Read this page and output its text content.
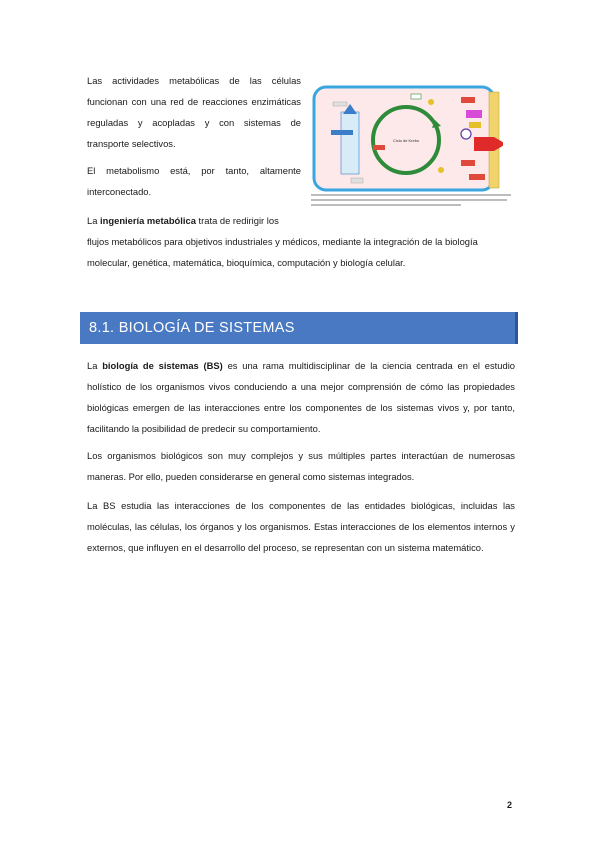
Las actividades metabólicas de las células funcionan con una red de reacciones enzimáticas reguladas y acopladas y con sistemas de transporte selectivos.

El metabolismo está, por tanto, altamente interconectado.

La ingeniería metabólica trata de redirigir los

flujos metabólicos para objetivos industriales y médicos, mediante la integración de la biología

molecular, genética, matemática, bioquímica, computación y biología celular.

Ciclo de Krebs
8.1. BIOLOGÍA DE SISTEMAS

La biología de sistemas (BS) es una rama multidisciplinar de la ciencia centrada en el estudio holístico de los organismos vivos conduciendo a una mejor comprensión de cómo las propiedades biológicas emergen de las interacciones entre los componentes de los sistemas vivos y, por tanto, facilitando la posibilidad de predecir su comportamiento.

Los organismos biológicos son muy complejos y sus múltiples partes interactúan de numerosas maneras. Por ello, pueden considerarse en general como sistemas integrados.

La BS estudia las interacciones de los componentes de las entidades biológicas, incluidas las moléculas, las células, los órganos y los organismos. Estas interacciones de los elementos internos y externos, que influyen en el desarrollo del proceso, se representan con un sistema matemático.

2
